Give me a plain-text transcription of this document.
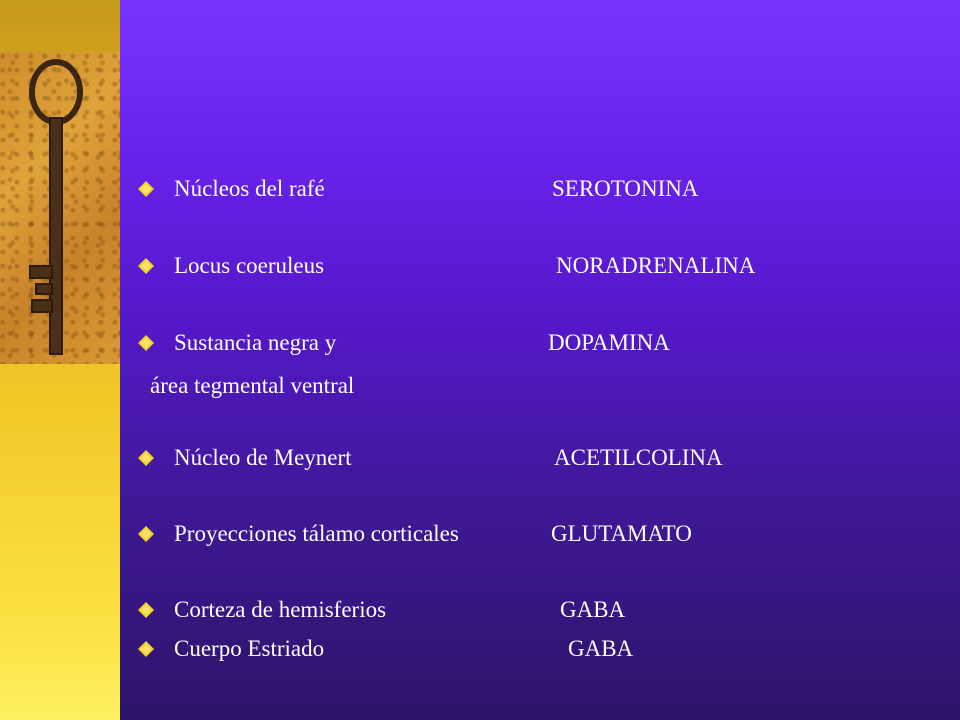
Núcleos del rafé	SEROTONINA
Locus coeruleus	NORADRENALINA
Sustancia negra y	DOPAMINA
área tegmental ventral
Núcleo de Meynert	ACETILCOLINA
Proyecciones tálamo corticales	GLUTAMATO
Corteza de hemisferios	GABA
Cuerpo Estriado	GABA
